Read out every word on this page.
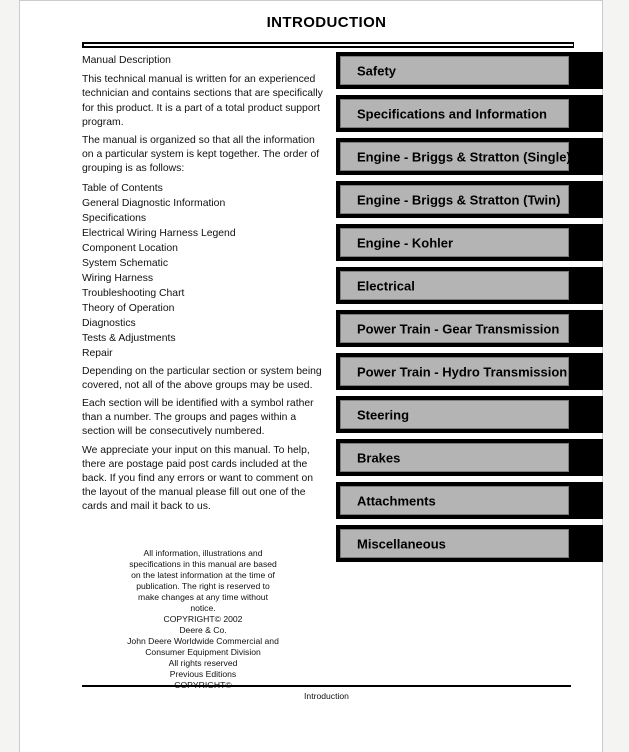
INTRODUCTION
Manual Description

This technical manual is written for an experienced technician and contains sections that are specifically for this product. It is a part of a total product support program.

The manual is organized so that all the information on a particular system is kept together. The order of grouping is as follows:

Table of Contents
General Diagnostic Information
Specifications
Electrical Wiring Harness Legend
Component Location
System Schematic
Wiring Harness
Troubleshooting Chart
Theory of Operation
Diagnostics
Tests & Adjustments
Repair

Depending on the particular section or system being covered, not all of the above groups may be used.

Each section will be identified with a symbol rather than a number. The groups and pages within a section will be consecutively numbered.

We appreciate your input on this manual. To help, there are postage paid post cards included at the back. If you find any errors or want to comment on the layout of the manual please fill out one of the cards and mail it back to us.

All information, illustrations and
specifications in this manual are based
on the latest information at the time of
publication. The right is reserved to
make changes at any time without
notice.
COPYRIGHT© 2002
Deere & Co.
John Deere Worldwide Commercial and
Consumer Equipment Division
All rights reserved
Previous Editions
COPYRIGHT©
Safety
Specifications and Information
Engine - Briggs & Stratton (Single)
Engine - Briggs & Stratton (Twin)
Engine - Kohler
Electrical
Power Train - Gear Transmission
Power Train - Hydro Transmission
Steering
Brakes
Attachments
Miscellaneous
Introduction
